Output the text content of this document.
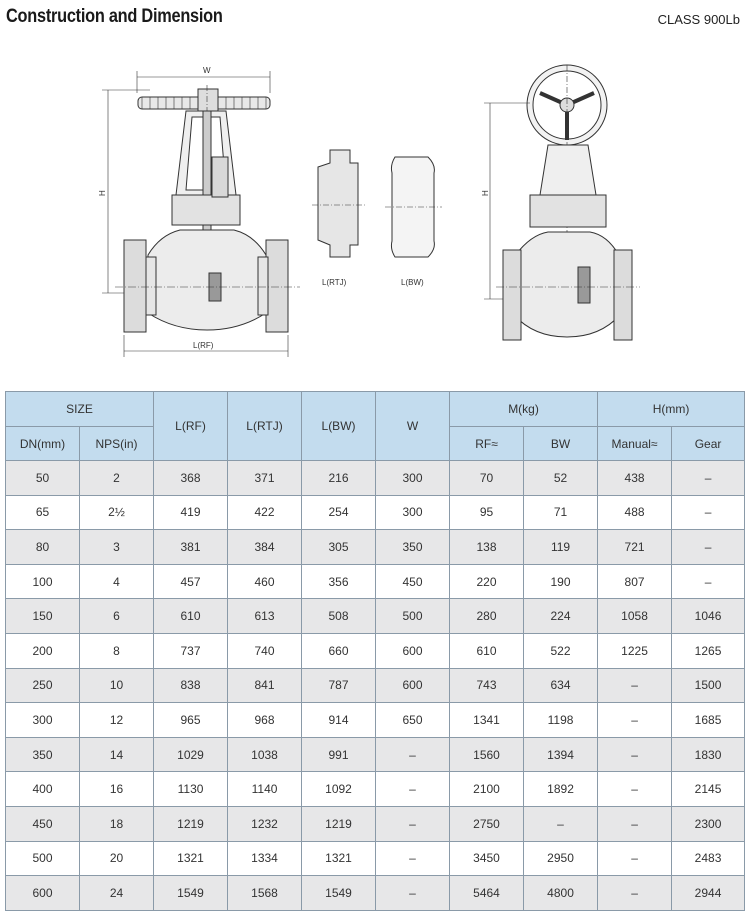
Construction and Dimension	CLASS 900Lb
W
H
L(RF)
L(RTJ)	L(BW)
H
SIZE		L(RF)	L(RTJ)	L(BW)	W	M(kg)		H(mm)	
DN(mm)	NPS(in)					RF≈	BW	Manual≈	Gear
50	2	368	371	216	300	70	52	438	–
65	2½	419	422	254	300	95	71	488	–
80	3	381	384	305	350	138	119	721	–
100	4	457	460	356	450	220	190	807	–
150	6	610	613	508	500	280	224	1058	1046
200	8	737	740	660	600	610	522	1225	1265
250	10	838	841	787	600	743	634	–	1500
300	12	965	968	914	650	1341	1198	–	1685
350	14	1029	1038	991	–	1560	1394	–	1830
400	16	1130	1140	1092	–	2100	1892	–	2145
450	18	1219	1232	1219	–	2750	–	–	2300
500	20	1321	1334	1321	–	3450	2950	–	2483
600	24	1549	1568	1549	–	5464	4800	–	2944
